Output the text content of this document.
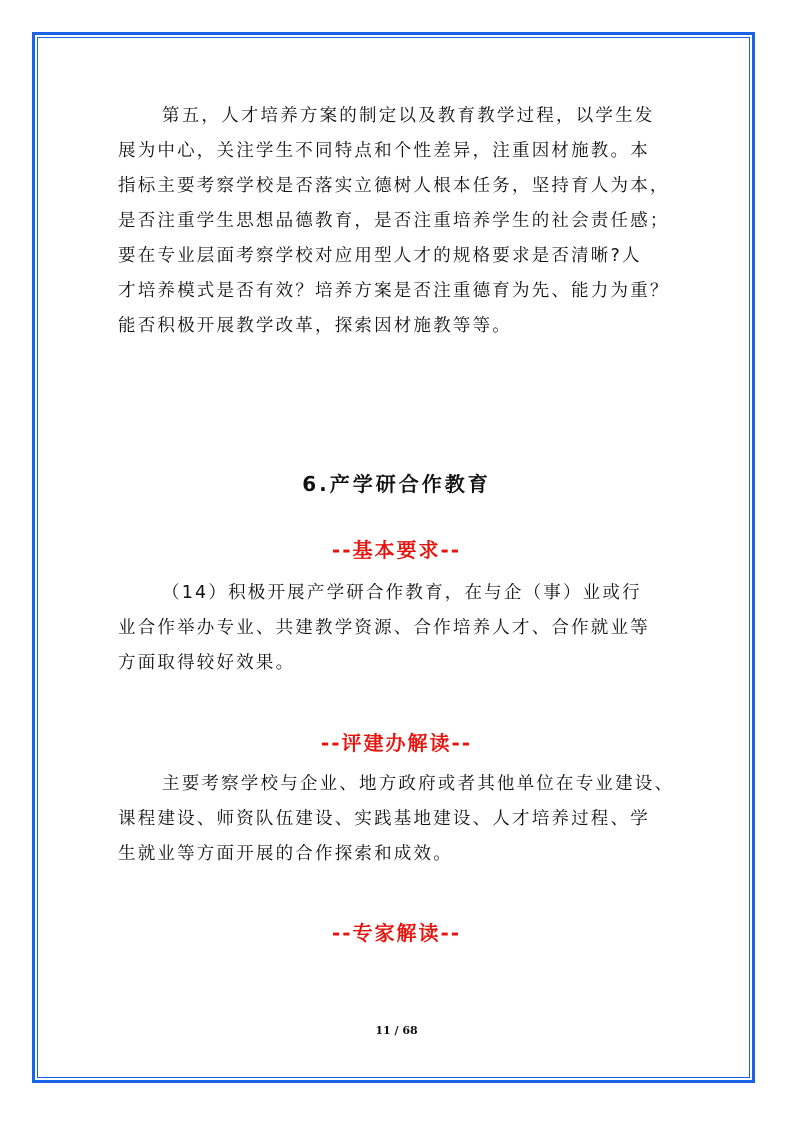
第五，人才培养方案的制定以及教育教学过程，以学生发
展为中心，关注学生不同特点和个性差异，注重因材施教。本
指标主要考察学校是否落实立德树人根本任务，坚持育人为本，
是否注重学生思想品德教育，是否注重培养学生的社会责任感；
要在专业层面考察学校对应用型人才的规格要求是否清晰?人
才培养模式是否有效？培养方案是否注重德育为先、能力为重？
能否积极开展教学改革，探索因材施教等等。
6.产学研合作教育
--基本要求--
（14）积极开展产学研合作教育，在与企（事）业或行
业合作举办专业、共建教学资源、合作培养人才、合作就业等
方面取得较好效果。
--评建办解读--
主要考察学校与企业、地方政府或者其他单位在专业建设、
课程建设、师资队伍建设、实践基地建设、人才培养过程、学
生就业等方面开展的合作探索和成效。
--专家解读--
11 / 68
